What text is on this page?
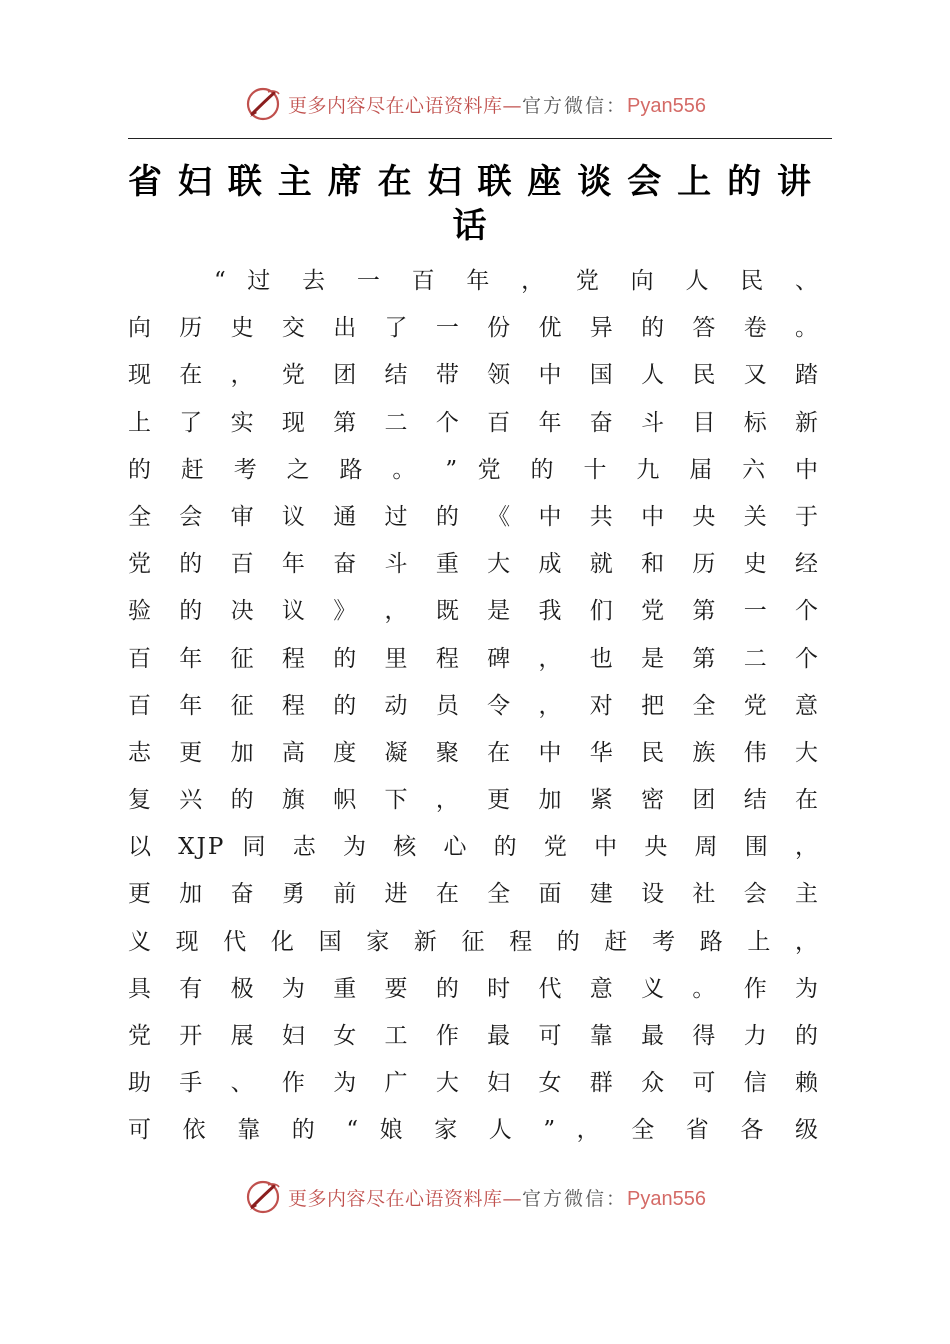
更多内容尽在心语资料库—官方微信：Pyan556
省妇联主席在妇联座谈会上的讲话
“ 过 去 一 百 年 ， 党 向 人 民 、
向 历 史 交 出 了 一 份 优 异 的 答 卷 。
现 在 ， 党 团 结 带 领 中 国 人 民 又 踏
上 了 实 现 第 二 个 百 年 奋 斗 目 标 新
的 赶 考 之 路 。 ” 党 的 十 九 届 六 中
全 会 审 议 通 过 的 《 中 共 中 央 关 于
党 的 百 年 奋 斗 重 大 成 就 和 历 史 经
验 的 决 议 》 ， 既 是 我 们 党 第 一 个
百 年 征 程 的 里 程 碑 ， 也 是 第 二 个
百 年 征 程 的 动 员 令 ， 对 把 全 党 意
志 更 加 高 度 凝 聚 在 中 华 民 族 伟 大
复 兴 的 旗 帜 下 ， 更 加 紧 密 团 结 在
以 XJP 同 志 为 核 心 的 党 中 央 周 围 ，
更 加 奋 勇 前 进 在 全 面 建 设 社 会 主
义 现 代 化 国 家 新 征 程 的 赶 考 路 上 ，
具 有 极 为 重 要 的 时 代 意 义 。 作 为
党 开 展 妇 女 工 作 最 可 靠 最 得 力 的
助 手 、 作 为 广 大 妇 女 群 众 可 信 赖
可 依 靠 的 “ 娘 家 人 ” ， 全 省 各 级
更多内容尽在心语资料库—官方微信：Pyan556
